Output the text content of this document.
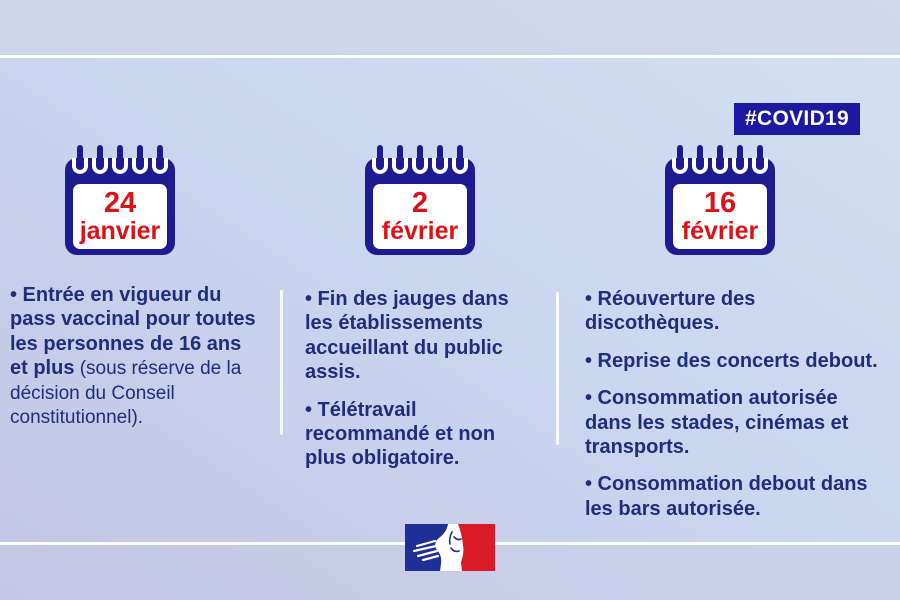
#COVID19
24
janvier
2
février
16
février

• Entrée en vigueur du pass vaccinal pour toutes les personnes de 16 ans et plus (sous réserve de la décision du Conseil constitutionnel).

• Fin des jauges dans les établissements accueillant du public assis.

• Télétravail recommandé et non plus obligatoire.

• Réouverture des discothèques.

• Reprise des concerts debout.

• Consommation autorisée dans les stades, cinémas et transports.

• Consommation debout dans les bars autorisée.
